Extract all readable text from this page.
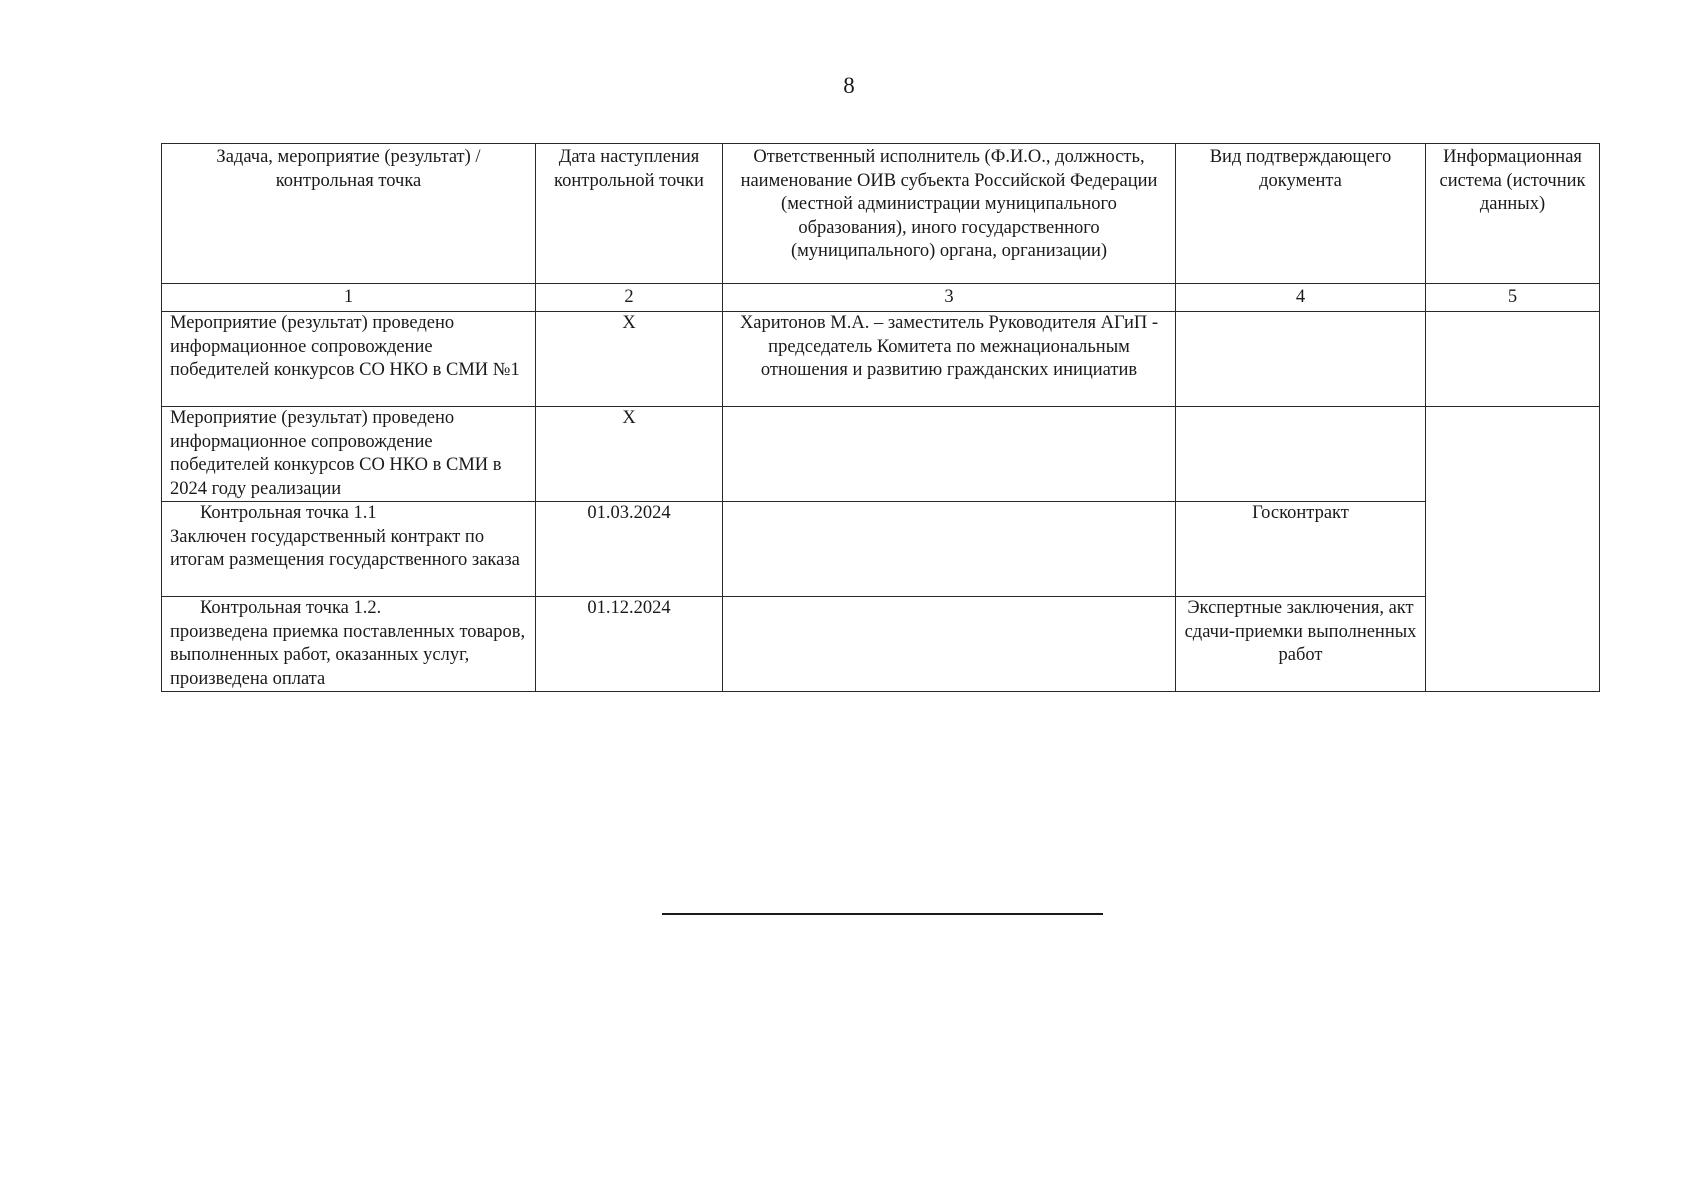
8
Задача, мероприятие (результат) / контрольная точка	Дата наступления контрольной точки	Ответственный исполнитель (Ф.И.О., должность, наименование ОИВ субъекта Российской Федерации (местной администрации муниципального образования), иного государственного (муниципального) органа, организации)	Вид подтверждающего документа	Информационная система (источник данных)
1	2	3	4	5
Мероприятие (результат) проведено информационное сопровождение победителей конкурсов СО НКО в СМИ №1	X	Харитонов М.А. – заместитель Руководителя АГиП - председатель Комитета по межнациональным отношения и развитию гражданских инициатив		
Мероприятие (результат) проведено информационное сопровождение победителей конкурсов СО НКО в СМИ в 2024 году реализации	X			

Контрольная точка 1.1
Заключен государственный контракт по итогам размещения государственного заказа	01.03.2024		Госконтракт	

Контрольная точка 1.2.
произведена приемка поставленных товаров, выполненных работ, оказанных услуг, произведена оплата	01.12.2024		Экспертные заключения, акт сдачи-приемки выполненных работ	
